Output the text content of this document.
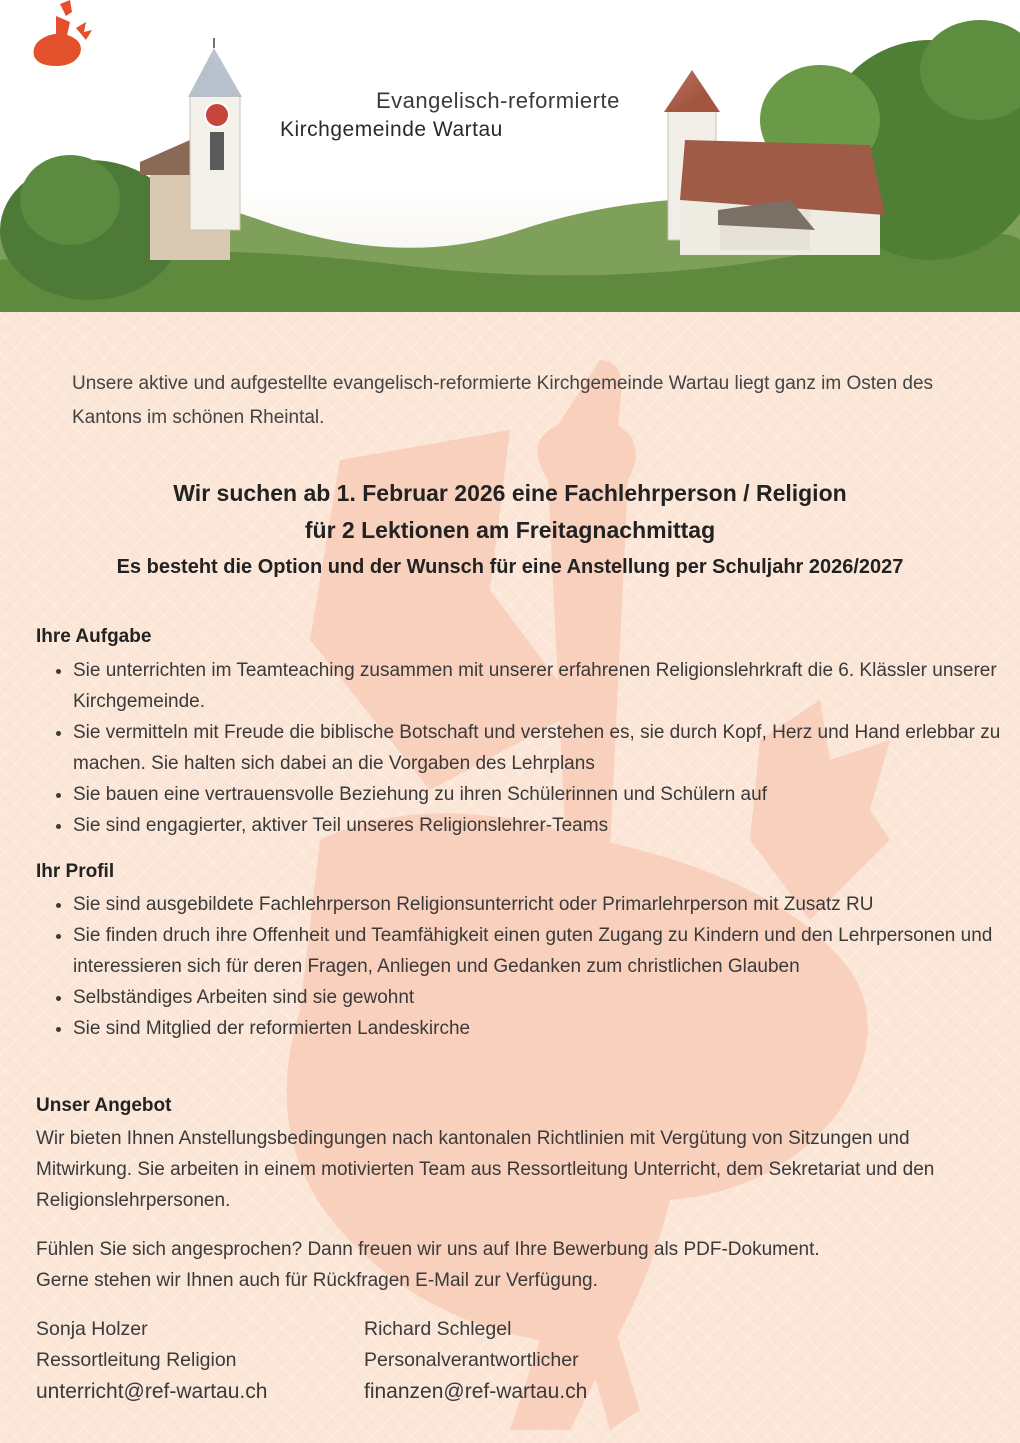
Evangelisch-reformierte
Kirchgemeinde Wartau
Unsere aktive und aufgestellte evangelisch-reformierte Kirchgemeinde Wartau liegt ganz im Osten des Kantons im schönen Rheintal.
Wir suchen ab 1. Februar 2026 eine Fachlehrperson / Religion
für 2 Lektionen am Freitagnachmittag
Es besteht die Option und der Wunsch für eine Anstellung per Schuljahr 2026/2027
Ihre Aufgabe
• Sie unterrichten im Teamteaching zusammen mit unserer erfahrenen Religionslehrkraft die 6. Klässler unserer Kirchgemeinde.
• Sie vermitteln mit Freude die biblische Botschaft und verstehen es, sie durch Kopf, Herz und Hand erlebbar zu machen. Sie halten sich dabei an die Vorgaben des Lehrplans
• Sie bauen eine vertrauensvolle Beziehung zu ihren Schülerinnen und Schülern auf
• Sie sind engagierter, aktiver Teil unseres Religionslehrer-Teams
Ihr Profil
• Sie sind ausgebildete Fachlehrperson Religionsunterricht oder Primarlehrperson mit Zusatz RU
• Sie finden druch ihre Offenheit und Teamfähigkeit einen guten Zugang zu Kindern und den Lehrpersonen und interessieren sich für deren Fragen, Anliegen und Gedanken zum christlichen Glauben
• Selbständiges Arbeiten sind sie gewohnt
• Sie sind Mitglied der reformierten Landeskirche
Unser Angebot
Wir bieten Ihnen Anstellungsbedingungen nach kantonalen Richtlinien mit Vergütung von Sitzungen und Mitwirkung. Sie arbeiten in einem motivierten Team aus Ressortleitung Unterricht, dem Sekretariat und den Religionslehrpersonen.
Fühlen Sie sich angesprochen? Dann freuen wir uns auf Ihre Bewerbung als PDF-Dokument.
Gerne stehen wir Ihnen auch für Rückfragen E-Mail zur Verfügung.
Sonja Holzer
Ressortleitung Religion
unterricht@ref-wartau.ch
Richard Schlegel
Personalverantwortlicher
finanzen@ref-wartau.ch
